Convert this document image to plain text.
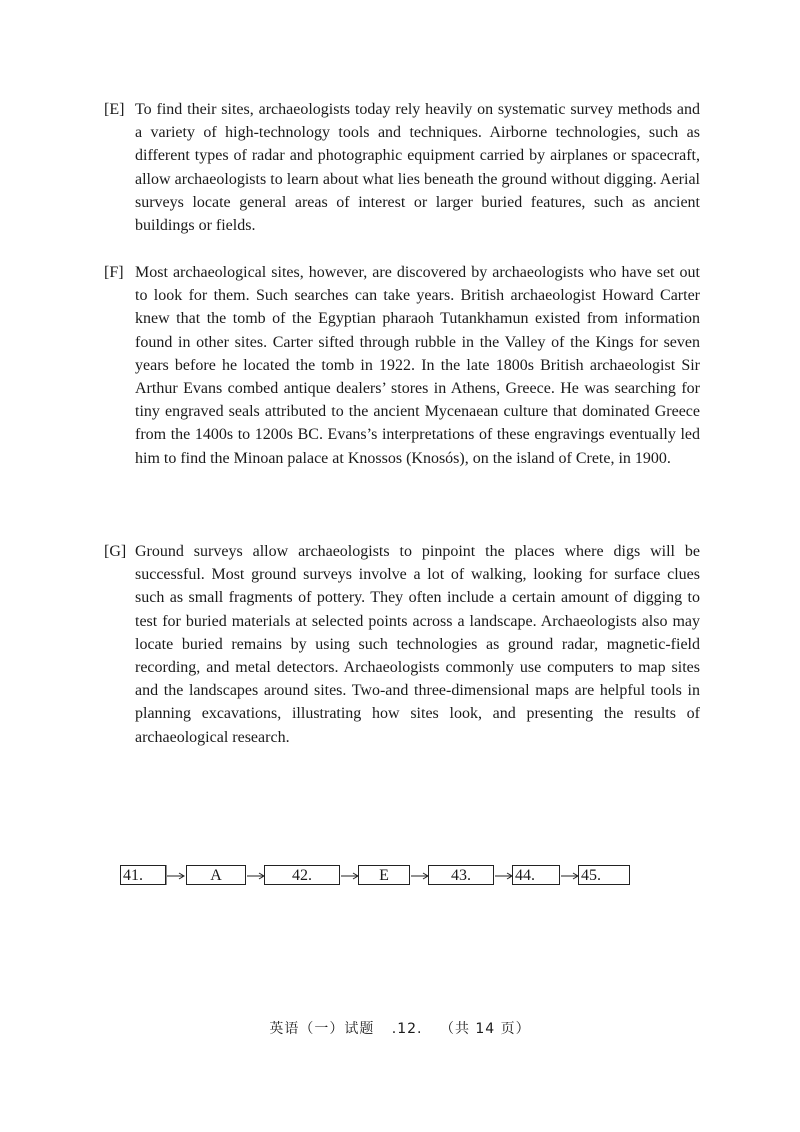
[E] To find their sites, archaeologists today rely heavily on systematic survey methods and a variety of high-technology tools and techniques. Airborne technologies, such as different types of radar and photographic equipment carried by airplanes or spacecraft, allow archaeologists to learn about what lies beneath the ground without digging. Aerial surveys locate general areas of interest or larger buried features, such as ancient buildings or fields.
[F] Most archaeological sites, however, are discovered by archaeologists who have set out to look for them. Such searches can take years. British archaeologist Howard Carter knew that the tomb of the Egyptian pharaoh Tutankhamun existed from information found in other sites. Carter sifted through rubble in the Valley of the Kings for seven years before he located the tomb in 1922. In the late 1800s British archaeologist Sir Arthur Evans combed antique dealers’ stores in Athens, Greece. He was searching for tiny engraved seals attributed to the ancient Mycenaean culture that dominated Greece from the 1400s to 1200s BC. Evans’s interpretations of these engravings eventually led him to find the Minoan palace at Knossos (Knosós), on the island of Crete, in 1900.
[G] Ground surveys allow archaeologists to pinpoint the places where digs will be successful. Most ground surveys involve a lot of walking, looking for surface clues such as small fragments of pottery. They often include a certain amount of digging to test for buried materials at selected points across a landscape. Archaeologists also may locate buried remains by using such technologies as ground radar, magnetic-field recording, and metal detectors. Archaeologists commonly use computers to map sites and the landscapes around sites. Two-and three-dimensional maps are helpful tools in planning excavations, illustrating how sites look, and presenting the results of archaeological research.
41.	A	42.	E	43.	44.	45.
英语（一）试题 .12. （共 14 页）
